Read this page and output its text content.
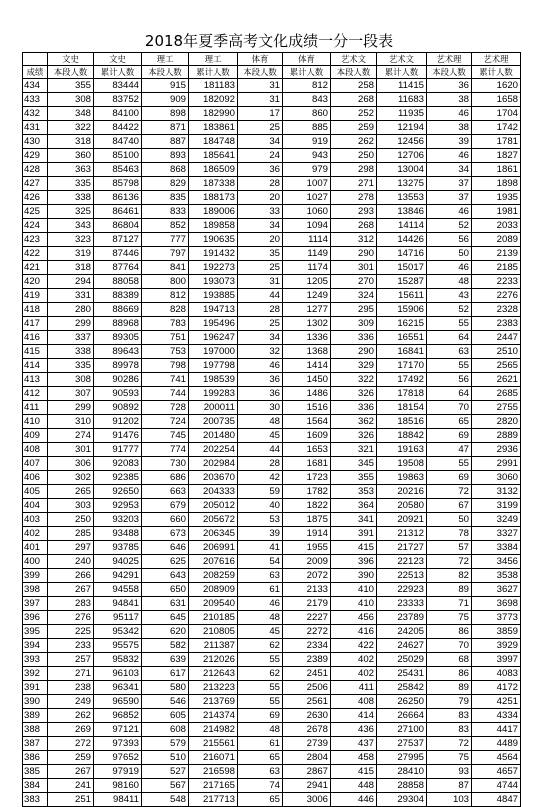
2018年夏季高考文化成绩一分一段表
	文史	文史	理工	理工	体育	体育	艺术文	艺术文	艺术理	艺术理
成绩	本段人数	累计人数	本段人数	累计人数	本段人数	累计人数	本段人数	累计人数	本段人数	累计人数
434	355	83444	915	181183	31	812	258	11415	36	1620
433	308	83752	909	182092	31	843	268	11683	38	1658
432	348	84100	898	182990	17	860	252	11935	46	1704
431	322	84422	871	183861	25	885	259	12194	38	1742
430	318	84740	887	184748	34	919	262	12456	39	1781
429	360	85100	893	185641	24	943	250	12706	46	1827
428	363	85463	868	186509	36	979	298	13004	34	1861
427	335	85798	829	187338	28	1007	271	13275	37	1898
426	338	86136	835	188173	20	1027	278	13553	37	1935
425	325	86461	833	189006	33	1060	293	13846	46	1981
424	343	86804	852	189858	34	1094	268	14114	52	2033
423	323	87127	777	190635	20	1114	312	14426	56	2089
422	319	87446	797	191432	35	1149	290	14716	50	2139
421	318	87764	841	192273	25	1174	301	15017	46	2185
420	294	88058	800	193073	31	1205	270	15287	48	2233
419	331	88389	812	193885	44	1249	324	15611	43	2276
418	280	88669	828	194713	28	1277	295	15906	52	2328
417	299	88968	783	195496	25	1302	309	16215	55	2383
416	337	89305	751	196247	34	1336	336	16551	64	2447
415	338	89643	753	197000	32	1368	290	16841	63	2510
414	335	89978	798	197798	46	1414	329	17170	55	2565
413	308	90286	741	198539	36	1450	322	17492	56	2621
412	307	90593	744	199283	36	1486	326	17818	64	2685
411	299	90892	728	200011	30	1516	336	18154	70	2755
410	310	91202	724	200735	48	1564	362	18516	65	2820
409	274	91476	745	201480	45	1609	326	18842	69	2889
408	301	91777	774	202254	44	1653	321	19163	47	2936
407	306	92083	730	202984	28	1681	345	19508	55	2991
406	302	92385	686	203670	42	1723	355	19863	69	3060
405	265	92650	663	204333	59	1782	353	20216	72	3132
404	303	92953	679	205012	40	1822	364	20580	67	3199
403	250	93203	660	205672	53	1875	341	20921	50	3249
402	285	93488	673	206345	39	1914	391	21312	78	3327
401	297	93785	646	206991	41	1955	415	21727	57	3384
400	240	94025	625	207616	54	2009	396	22123	72	3456
399	266	94291	643	208259	63	2072	390	22513	82	3538
398	267	94558	650	208909	61	2133	410	22923	89	3627
397	283	94841	631	209540	46	2179	410	23333	71	3698
396	276	95117	645	210185	48	2227	456	23789	75	3773
395	225	95342	620	210805	45	2272	416	24205	86	3859
394	233	95575	582	211387	62	2334	422	24627	70	3929
393	257	95832	639	212026	55	2389	402	25029	68	3997
392	271	96103	617	212643	62	2451	402	25431	86	4083
391	238	96341	580	213223	55	2506	411	25842	89	4172
390	249	96590	546	213769	55	2561	408	26250	79	4251
389	262	96852	605	214374	69	2630	414	26664	83	4334
388	269	97121	608	214982	48	2678	436	27100	83	4417
387	272	97393	579	215561	61	2739	437	27537	72	4489
386	259	97652	510	216071	65	2804	458	27995	75	4564
385	267	97919	527	216598	63	2867	415	28410	93	4657
384	241	98160	567	217165	74	2941	448	28858	87	4744
383	251	98411	548	217713	65	3006	446	29304	103	4847
